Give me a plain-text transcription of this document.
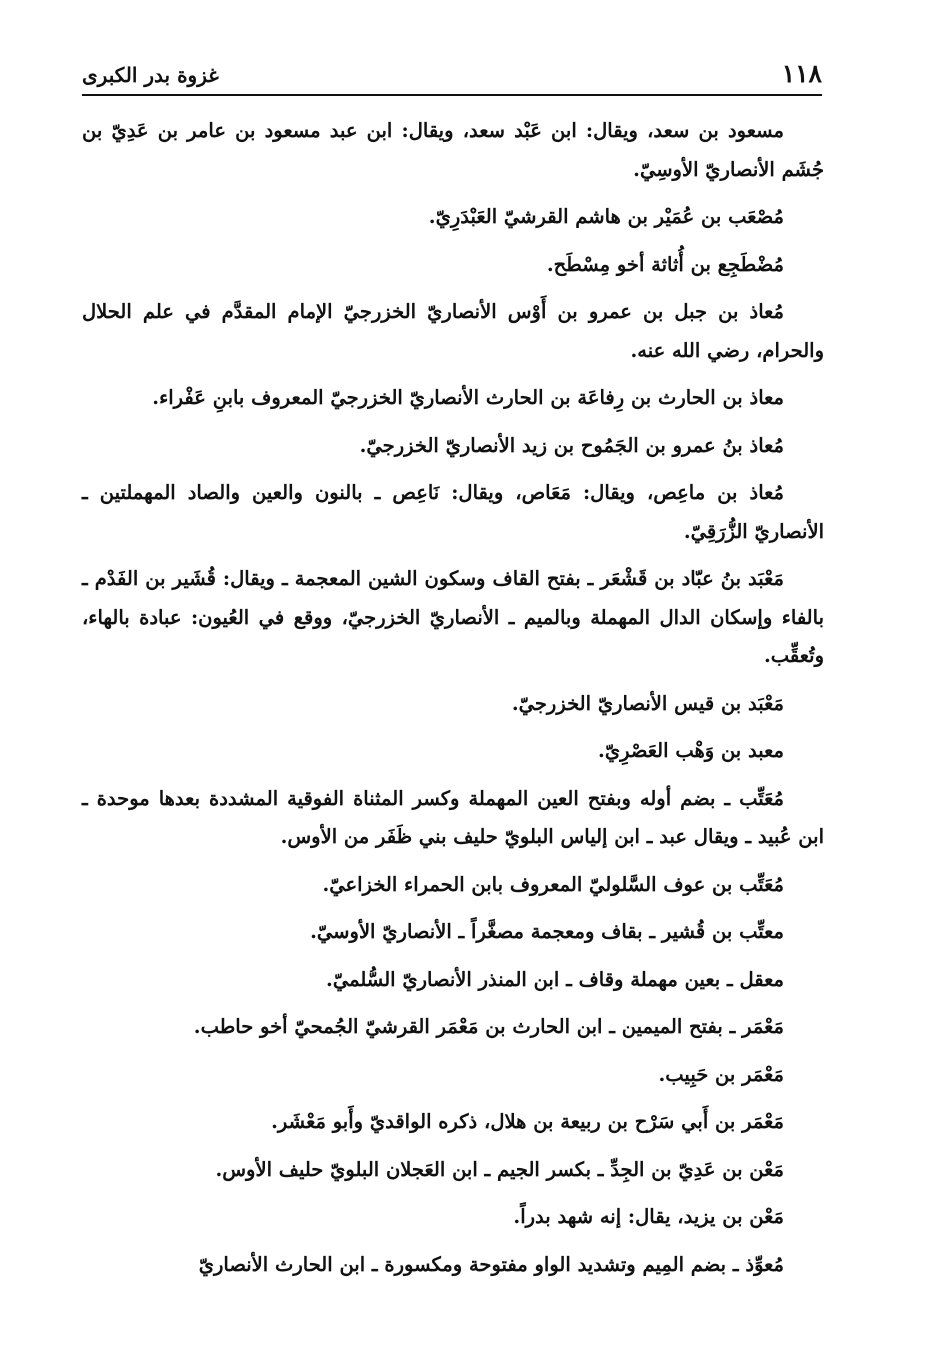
١١٨
غزوة بدر الكبرى

مسعود بن سعد، ويقال: ابن عَبْد سعد، ويقال: ابن عبد مسعود بن عامر بن عَدِيّ بن جُشَم الأنصاريّ الأوسِيّ.

مُصْعَب بن عُمَيْر بن هاشم القرشيّ العَبْدَرِيّ.

مُضْطَجِع بن أُثاثة أخو مِسْطَح.

مُعاذ بن جبل بن عمرو بن أَوْس الأنصاريّ الخزرجيّ الإمام المقدَّم في علم الحلال والحرام، رضي الله عنه.

معاذ بن الحارث بن رِفاعَة بن الحارث الأنصاريّ الخزرجيّ المعروف بابنِ عَفْراء.

مُعاذ بنُ عمرو بن الجَمُوح بن زيد الأنصاريّ الخزرجيّ.

مُعاذ بن ماعِص، ويقال: مَعَاص، ويقال: نَاعِص ـ بالنون والعين والصاد المهملتين ـ الأنصاريّ الزُّرَقِيّ.

مَعْبَد بنُ عبّاد بن قَشْعَر ـ بفتح القاف وسكون الشين المعجمة ـ ويقال: قُشَير بن الفَدْم ـ بالفاء وإسكان الدال المهملة وبالميم ـ الأنصاريّ الخزرجيّ، ووقع في العُيون: عبادة بالهاء، وتُعقِّب.

مَعْبَد بن قيس الأنصاريّ الخزرجيّ.

معبد بن وَهْب العَصْرِيّ.

مُعَتِّب ـ بضم أوله وبفتح العين المهملة وكسر المثناة الفوقية المشددة بعدها موحدة ـ ابن عُبيد ـ ويقال عبد ـ ابن إلياس البلويّ حليف بني ظَفَر من الأوس.

مُعَتِّب بن عوف السَّلوليّ المعروف بابن الحمراء الخزاعيّ.

معتِّب بن قُشير ـ بقاف ومعجمة مصغَّراً ـ الأنصاريّ الأوسيّ.

معقل ـ بعين مهملة وقاف ـ ابن المنذر الأنصاريّ السُّلميّ.

مَعْمَر ـ بفتح الميمين ـ ابن الحارث بن مَعْمَر القرشيّ الجُمحيّ أخو حاطب.

مَعْمَر بن حَبِيب.

مَعْمَر بن أَبي سَرْح بن ربيعة بن هلال، ذكره الواقديّ وأَبو مَعْشَر.

مَعْن بن عَدِيّ بن الجِدِّ ـ بكسر الجيم ـ ابن العَجلان البلويّ حليف الأوس.

مَعْن بن يزيد، يقال: إنه شهد بدراً.

مُعوِّذ ـ بضم المِيم وتشديد الواو مفتوحة ومكسورة ـ ابن الحارث الأنصاريّ
